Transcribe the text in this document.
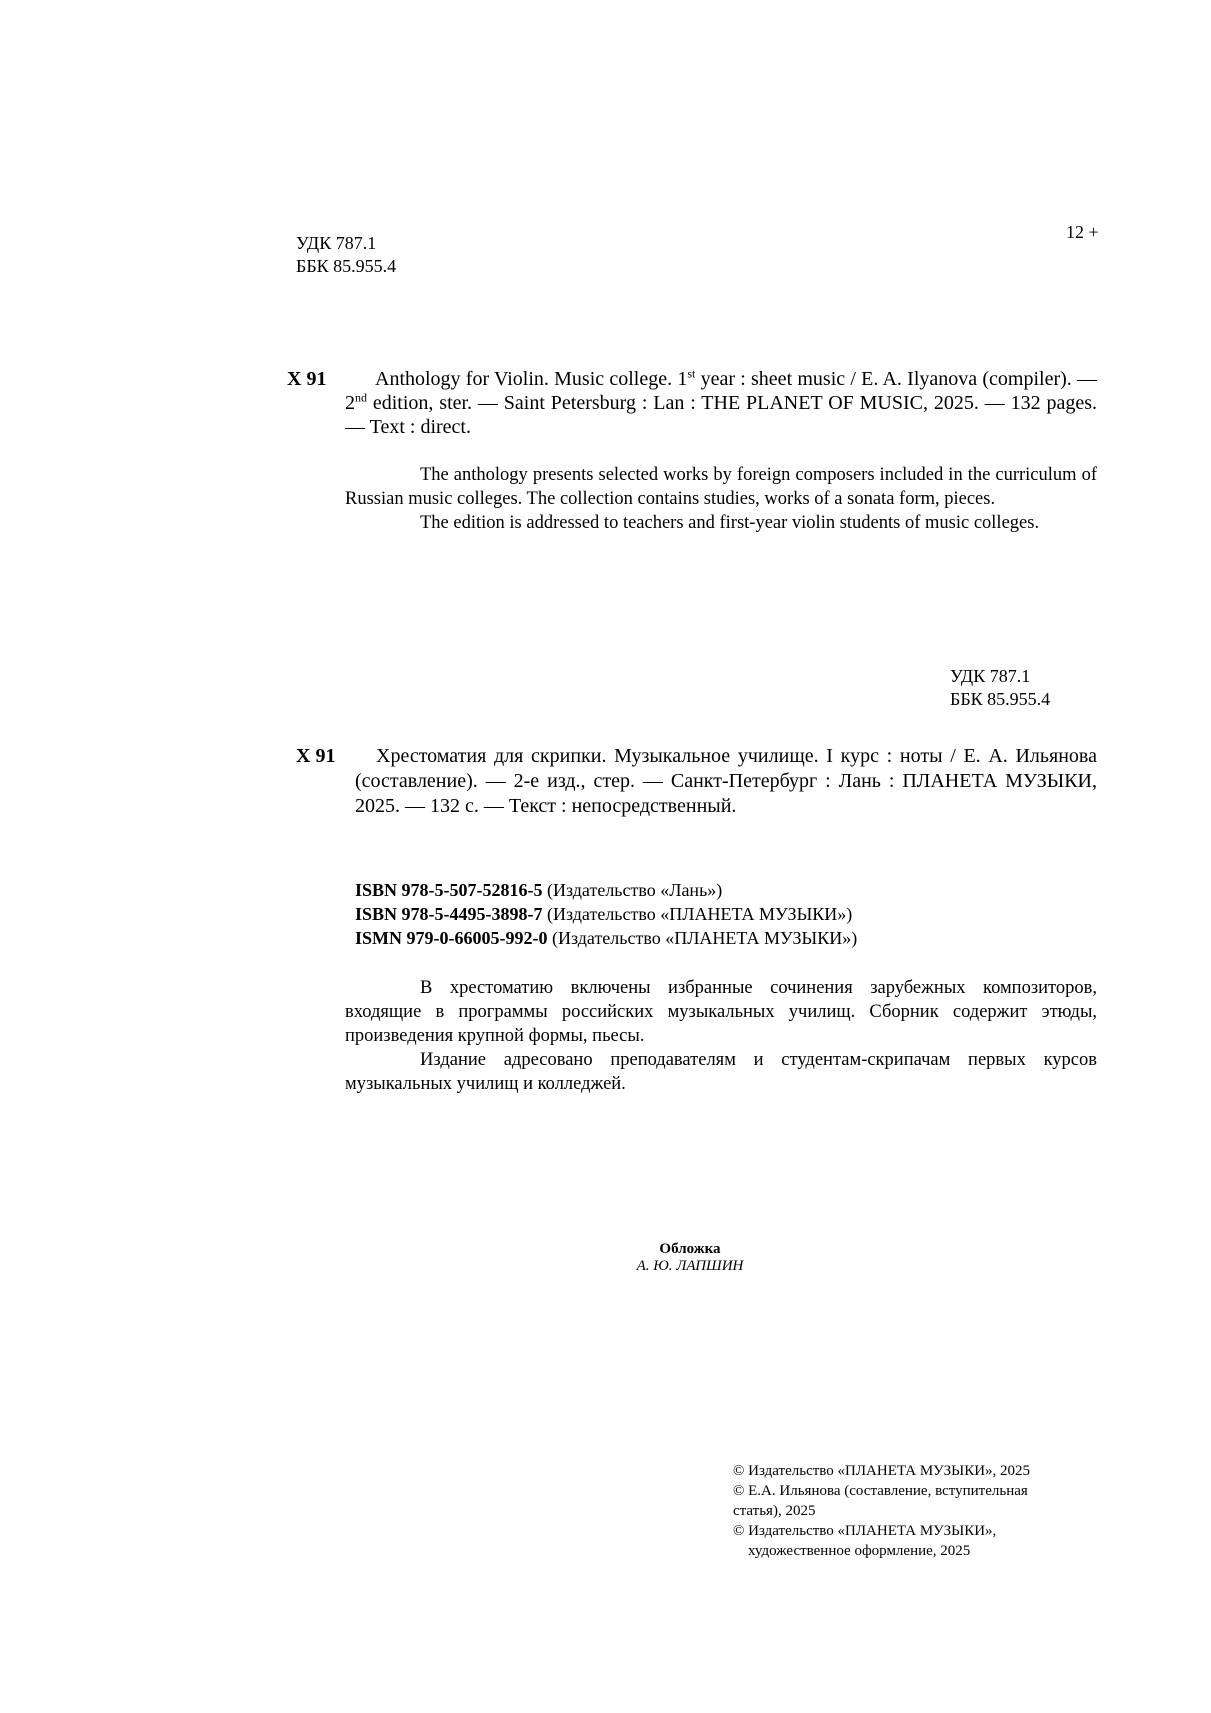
УДК 787.1
ББК 85.955.4
12 +
Х 91	Anthology for Violin. Music college. 1st year : sheet music / E. A. Ilyanova (compiler). — 2nd edition, ster. — Saint Petersburg : Lan : THE PLANET OF MUSIC, 2025. — 132 pages. — Text : direct.

The anthology presents selected works by foreign composers included in the curriculum of Russian music colleges. The collection contains studies, works of a sonata form, pieces.

The edition is addressed to teachers and first-year violin students of music colleges.

УДК 787.1
ББК 85.955.4
Х 91	Хрестоматия для скрипки. Музыкальное училище. I курс : ноты / Е. А. Ильянова (составление). — 2-е изд., стер. — Санкт-Петербург : Лань : ПЛАНЕТА МУЗЫКИ, 2025. — 132 с. — Текст : непосредственный.
ISBN 978-5-507-52816-5 (Издательство «Лань»)
ISBN 978-5-4495-3898-7 (Издательство «ПЛАНЕТА МУЗЫКИ»)
ISMN 979-0-66005-992-0 (Издательство «ПЛАНЕТА МУЗЫКИ»)

В хрестоматию включены избранные сочинения зарубежных композиторов, входящие в программы российских музыкальных училищ. Сборник содержит этюды, произведения крупной формы, пьесы.

Издание адресовано преподавателям и студентам-скрипачам первых курсов музыкальных училищ и колледжей.

Обложка
А. Ю. ЛАПШИН
© Издательство «ПЛАНЕТА МУЗЫКИ», 2025
© Е.А. Ильянова (составление, вступительная статья), 2025
© Издательство «ПЛАНЕТА МУЗЫКИ»,
художественное оформление, 2025
